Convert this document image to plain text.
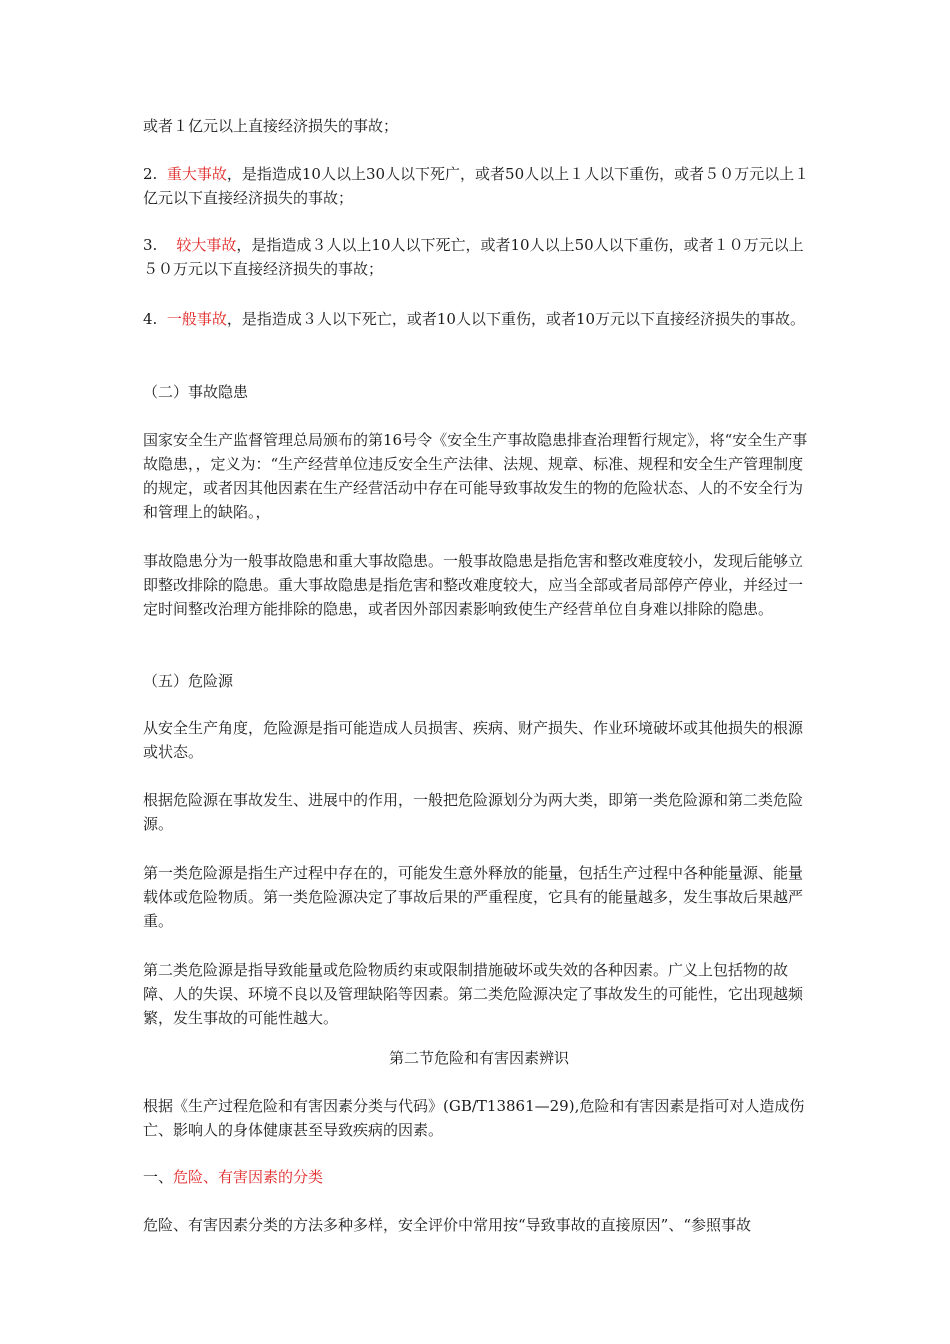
或者１亿元以上直接经济损失的事故；

2. 重大事故，是指造成10人以上30人以下死广，或者50人以上１人以下重伤，或者５０万元以上１亿元以下直接经济损失的事故；

3. 较大事故，是指造成３人以上10人以下死亡，或者10人以上50人以下重伤，或者１０万元以上５０万元以下直接经济损失的事故；

4. 一般事故，是指造成３人以下死亡，或者10人以下重伤，或者10万元以下直接经济损失的事故。

（二）事故隐患

国家安全生产监督管理总局颁布的第16号令《安全生产事故隐患排查治理暂行规定》，将“安全生产事故隐患，，定义为：“生产经营单位违反安全生产法律、法规、规章、标准、规程和安全生产管理制度的规定，或者因其他因素在生产经营活动中存在可能导致事故发生的物的危险状态、人的不安全行为和管理上的缺陷。，

事故隐患分为一般事故隐患和重大事故隐患。一般事故隐患是指危害和整改难度较小，发现后能够立即整改排除的隐患。重大事故隐患是指危害和整改难度较大，应当全部或者局部停产停业，并经过一定时间整改治理方能排除的隐患，或者因外部因素影响致使生产经营单位自身难以排除的隐患。

（五）危险源

从安全生产角度，危险源是指可能造成人员损害、疾病、财产损失、作业环境破坏或其他损失的根源或状态。

根据危险源在事故发生、进展中的作用，一般把危险源划分为两大类，即第一类危险源和第二类危险源。

第一类危险源是指生产过程中存在的，可能发生意外释放的能量，包括生产过程中各种能量源、能量载体或危险物质。第一类危险源决定了事故后果的严重程度，它具有的能量越多，发生事故后果越严重。

第二类危险源是指导致能量或危险物质约束或限制措施破坏或失效的各种因素。广义上包括物的故障、人的失误、环境不良以及管理缺陷等因素。第二类危险源决定了事故发生的可能性，它出现越频繁，发生事故的可能性越大。

第二节危险和有害因素辨识

根据《生产过程危险和有害因素分类与代码》(GB/T13861—29),危险和有害因素是指可对人造成伤亡、影响人的身体健康甚至导致疾病的因素。

一、危险、有害因素的分类

危险、有害因素分类的方法多种多样，安全评价中常用按“导致事故的直接原因”、“参照事故
